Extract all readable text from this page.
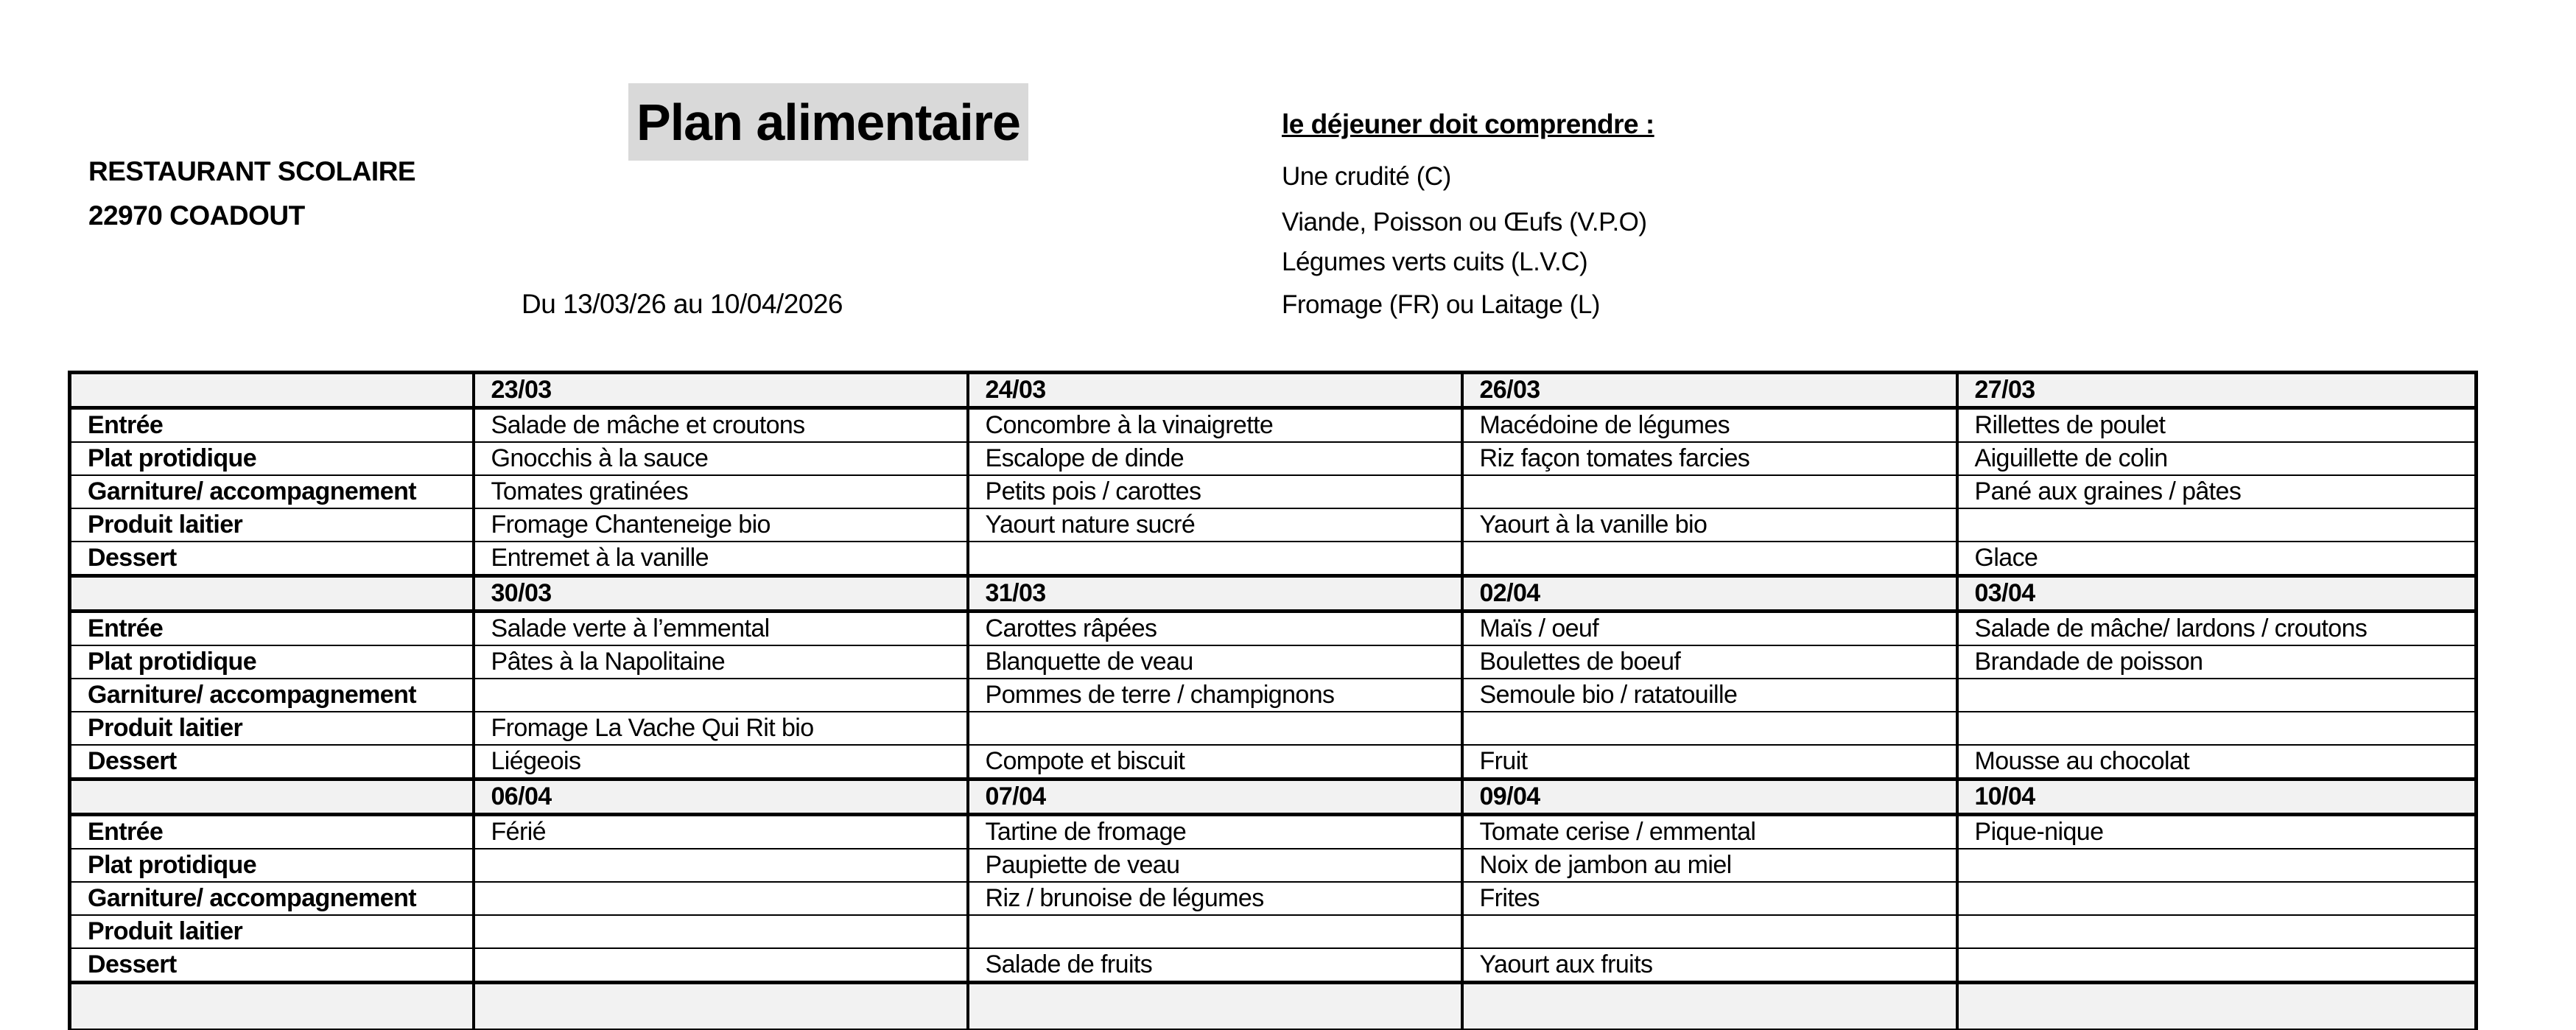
Plan alimentaire
RESTAURANT SCOLAIRE
22970 COADOUT
Du 13/03/26 au 10/04/2026
le déjeuner doit comprendre :
Une crudité (C)
Viande, Poisson ou Œufs (V.P.O)
Légumes verts cuits (L.V.C)
Fromage (FR) ou Laitage (L)
	23/03	24/03	26/03	27/03
Entrée	Salade de mâche et croutons	Concombre à la vinaigrette	Macédoine de légumes	Rillettes de poulet
Plat protidique	Gnocchis à la sauce	Escalope de dinde	Riz façon tomates farcies	Aiguillette de colin
Garniture/ accompagnement	Tomates gratinées	Petits pois / carottes		Pané aux graines / pâtes
Produit laitier	Fromage Chanteneige bio	Yaourt nature sucré	Yaourt à la vanille bio	
Dessert	Entremet à la vanille			Glace
	30/03	31/03	02/04	03/04
Entrée	Salade verte à l’emmental	Carottes râpées	Maïs / oeuf	Salade de mâche/ lardons / croutons
Plat protidique	Pâtes à la Napolitaine	Blanquette de veau	Boulettes de boeuf	Brandade de poisson
Garniture/ accompagnement		Pommes de terre / champignons	Semoule bio / ratatouille	
Produit laitier	Fromage La Vache Qui Rit bio			
Dessert	Liégeois	Compote et biscuit	Fruit	Mousse au chocolat
	06/04	07/04	09/04	10/04
Entrée	Férié	Tartine de fromage	Tomate cerise / emmental	Pique-nique
Plat protidique		Paupiette de veau	Noix de jambon au miel	
Garniture/ accompagnement		Riz / brunoise de légumes	Frites	
Produit laitier				
Dessert		Salade de fruits	Yaourt aux fruits	
